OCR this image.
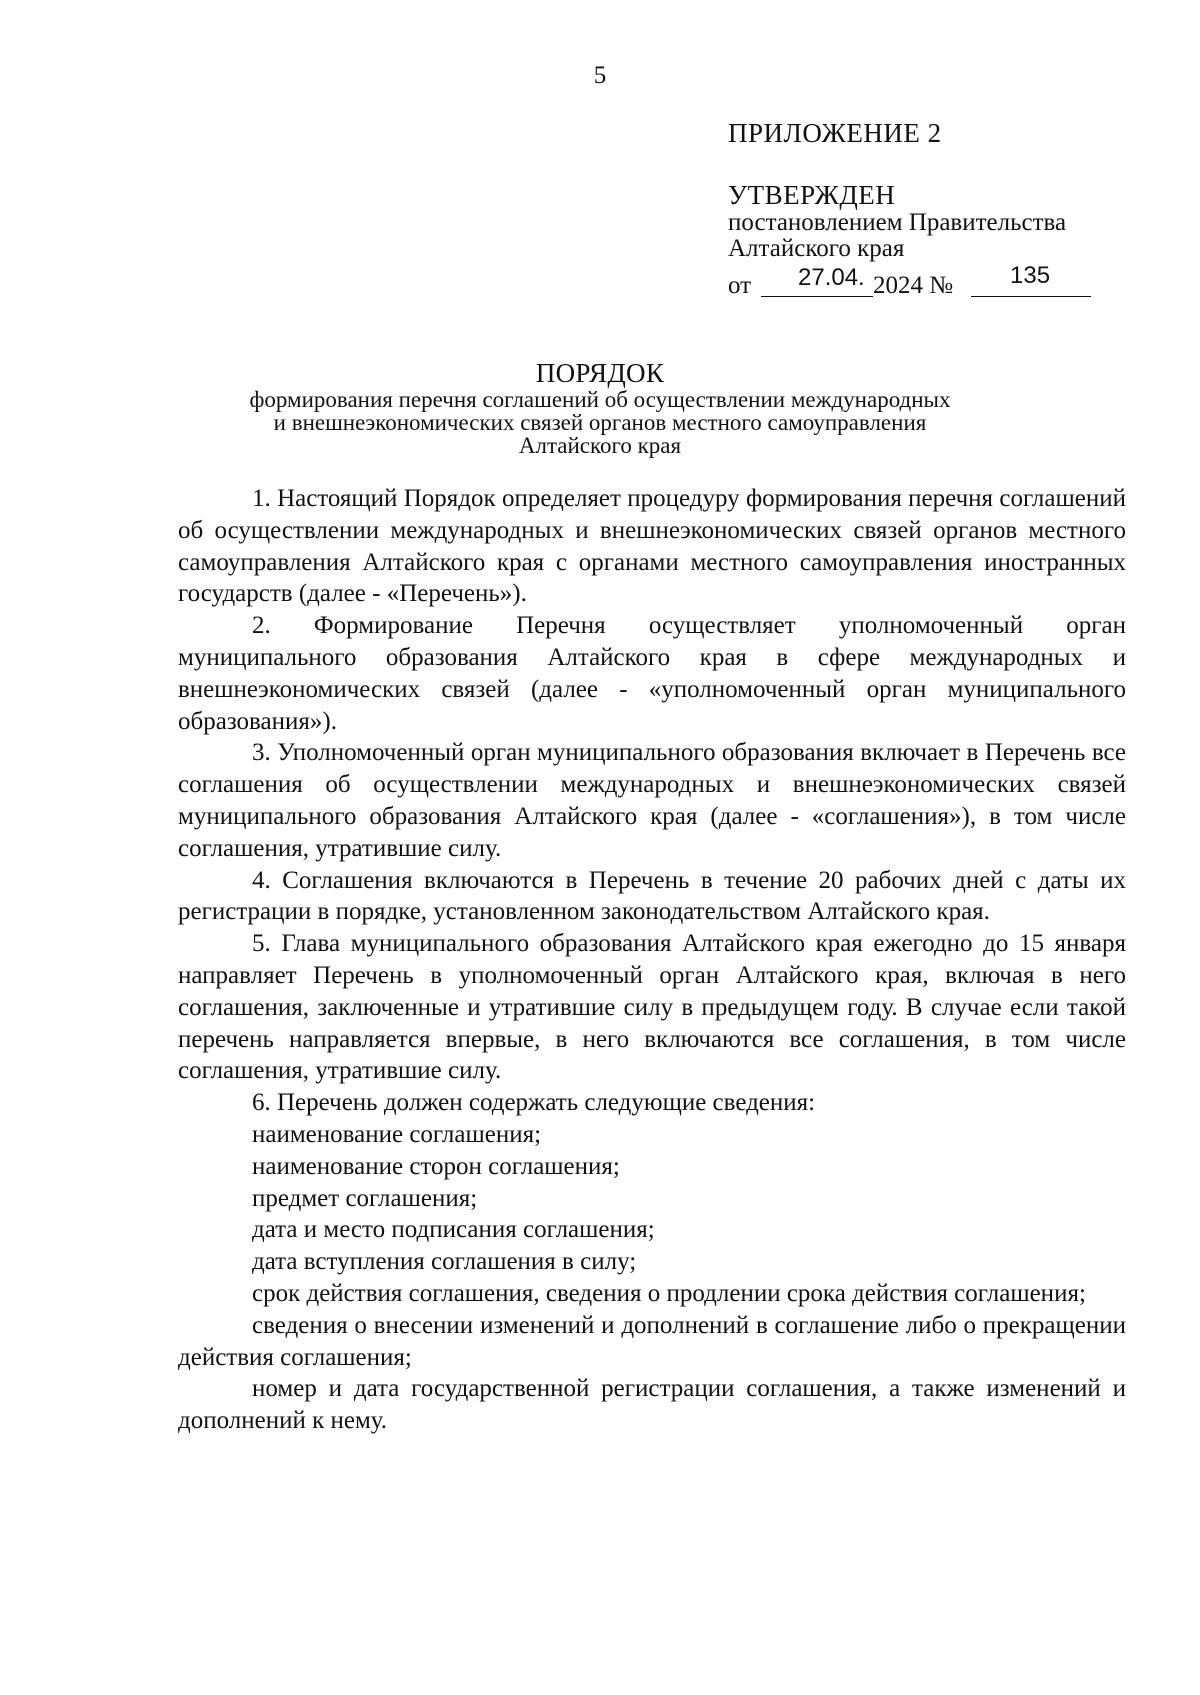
5
ПРИЛОЖЕНИЕ 2
УТВЕРЖДЕН
постановлением Правительства
Алтайского края
от 27.04. 2024 № 135
ПОРЯДОК
формирования перечня соглашений об осуществлении международных
и внешнеэкономических связей органов местного самоуправления
Алтайского края

1. Настоящий Порядок определяет процедуру формирования перечня соглашений об осуществлении международных и внешнеэкономических связей органов местного самоуправления Алтайского края с органами местного самоуправления иностранных государств (далее - «Перечень»).

2. Формирование Перечня осуществляет уполномоченный орган муниципального образования Алтайского края в сфере международных и внешнеэкономических связей (далее - «уполномоченный орган муниципального образования»).

3. Уполномоченный орган муниципального образования включает в Перечень все соглашения об осуществлении международных и внешнеэкономических связей муниципального образования Алтайского края (далее - «соглашения»), в том числе соглашения, утратившие силу.

4. Соглашения включаются в Перечень в течение 20 рабочих дней с даты их регистрации в порядке, установленном законодательством Алтайского края.

5. Глава муниципального образования Алтайского края ежегодно до 15 января направляет Перечень в уполномоченный орган Алтайского края, включая в него соглашения, заключенные и утратившие силу в предыдущем году. В случае если такой перечень направляется впервые, в него включаются все соглашения, в том числе соглашения, утратившие силу.

6. Перечень должен содержать следующие сведения:

наименование соглашения;

наименование сторон соглашения;

предмет соглашения;

дата и место подписания соглашения;

дата вступления соглашения в силу;

срок действия соглашения, сведения о продлении срока действия соглашения;

сведения о внесении изменений и дополнений в соглашение либо о прекращении действия соглашения;

номер и дата государственной регистрации соглашения, а также изменений и дополнений к нему.
